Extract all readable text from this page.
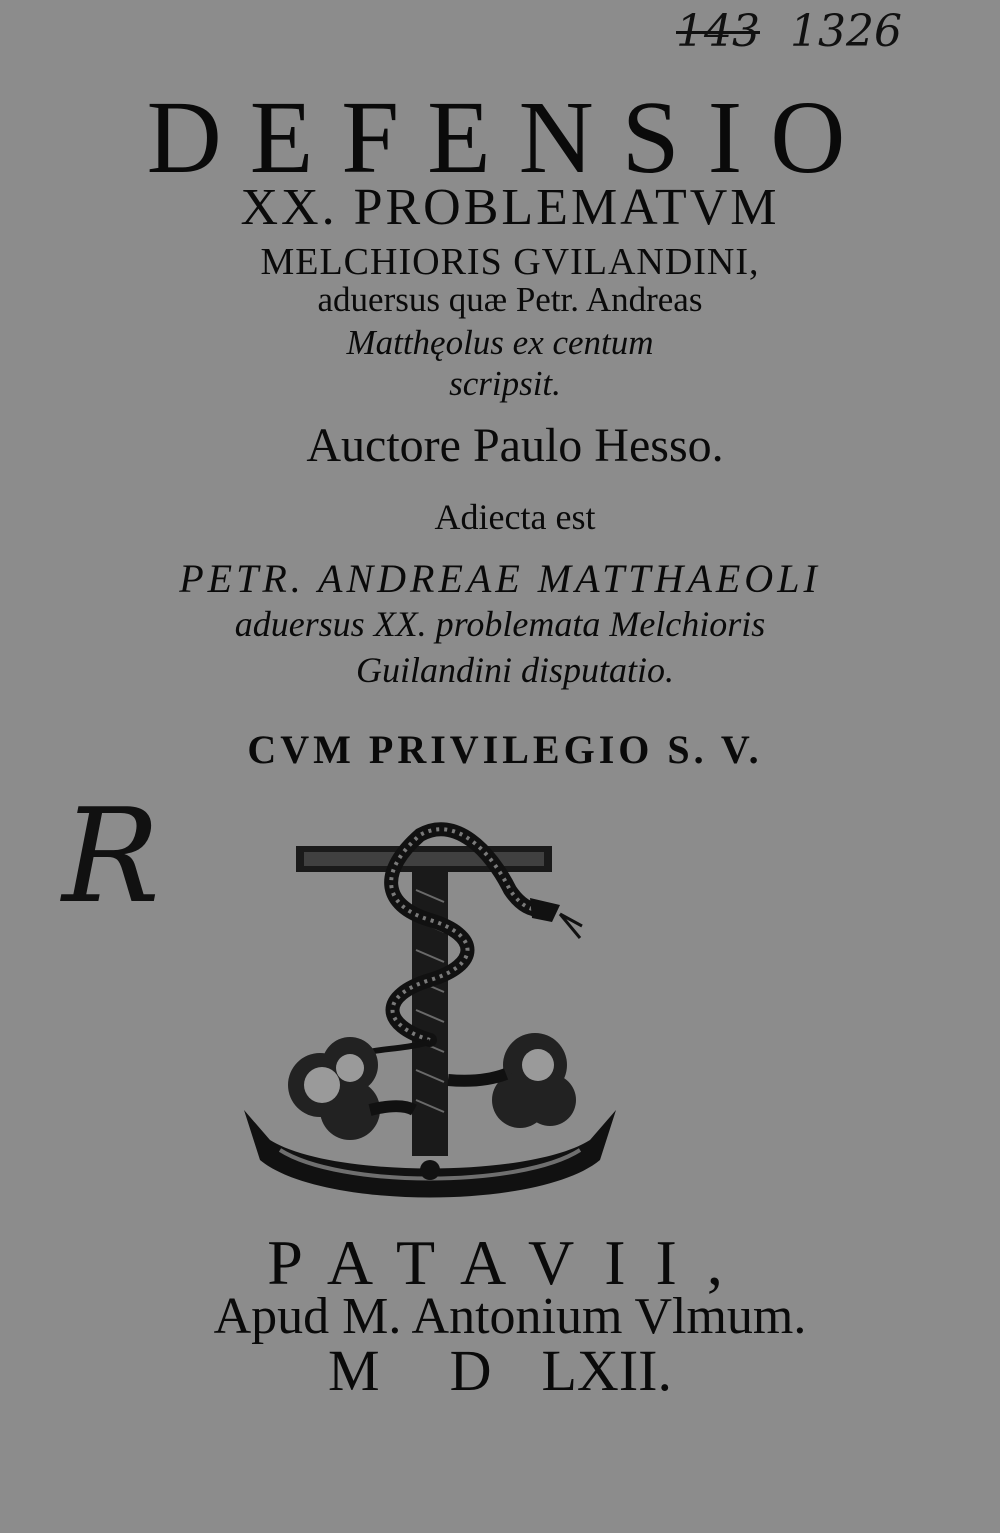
143 1326
DEFENSIO
XX. PROBLEMATVM
MELCHIORIS GVILANDINI,
aduersus quæ Petr. Andreas
Matthęolus ex centum
scripsit.
Auctore Paulo Hesso.
Adiecta est
PETR. ANDREAE MATTHAEOLI
aduersus XX. problemata Melchioris
Guilandini disputatio.
CVM PRIVILEGIO S. V.
R
PATAVII,
Apud M. Antonium Vlmum.
M D LXII.
